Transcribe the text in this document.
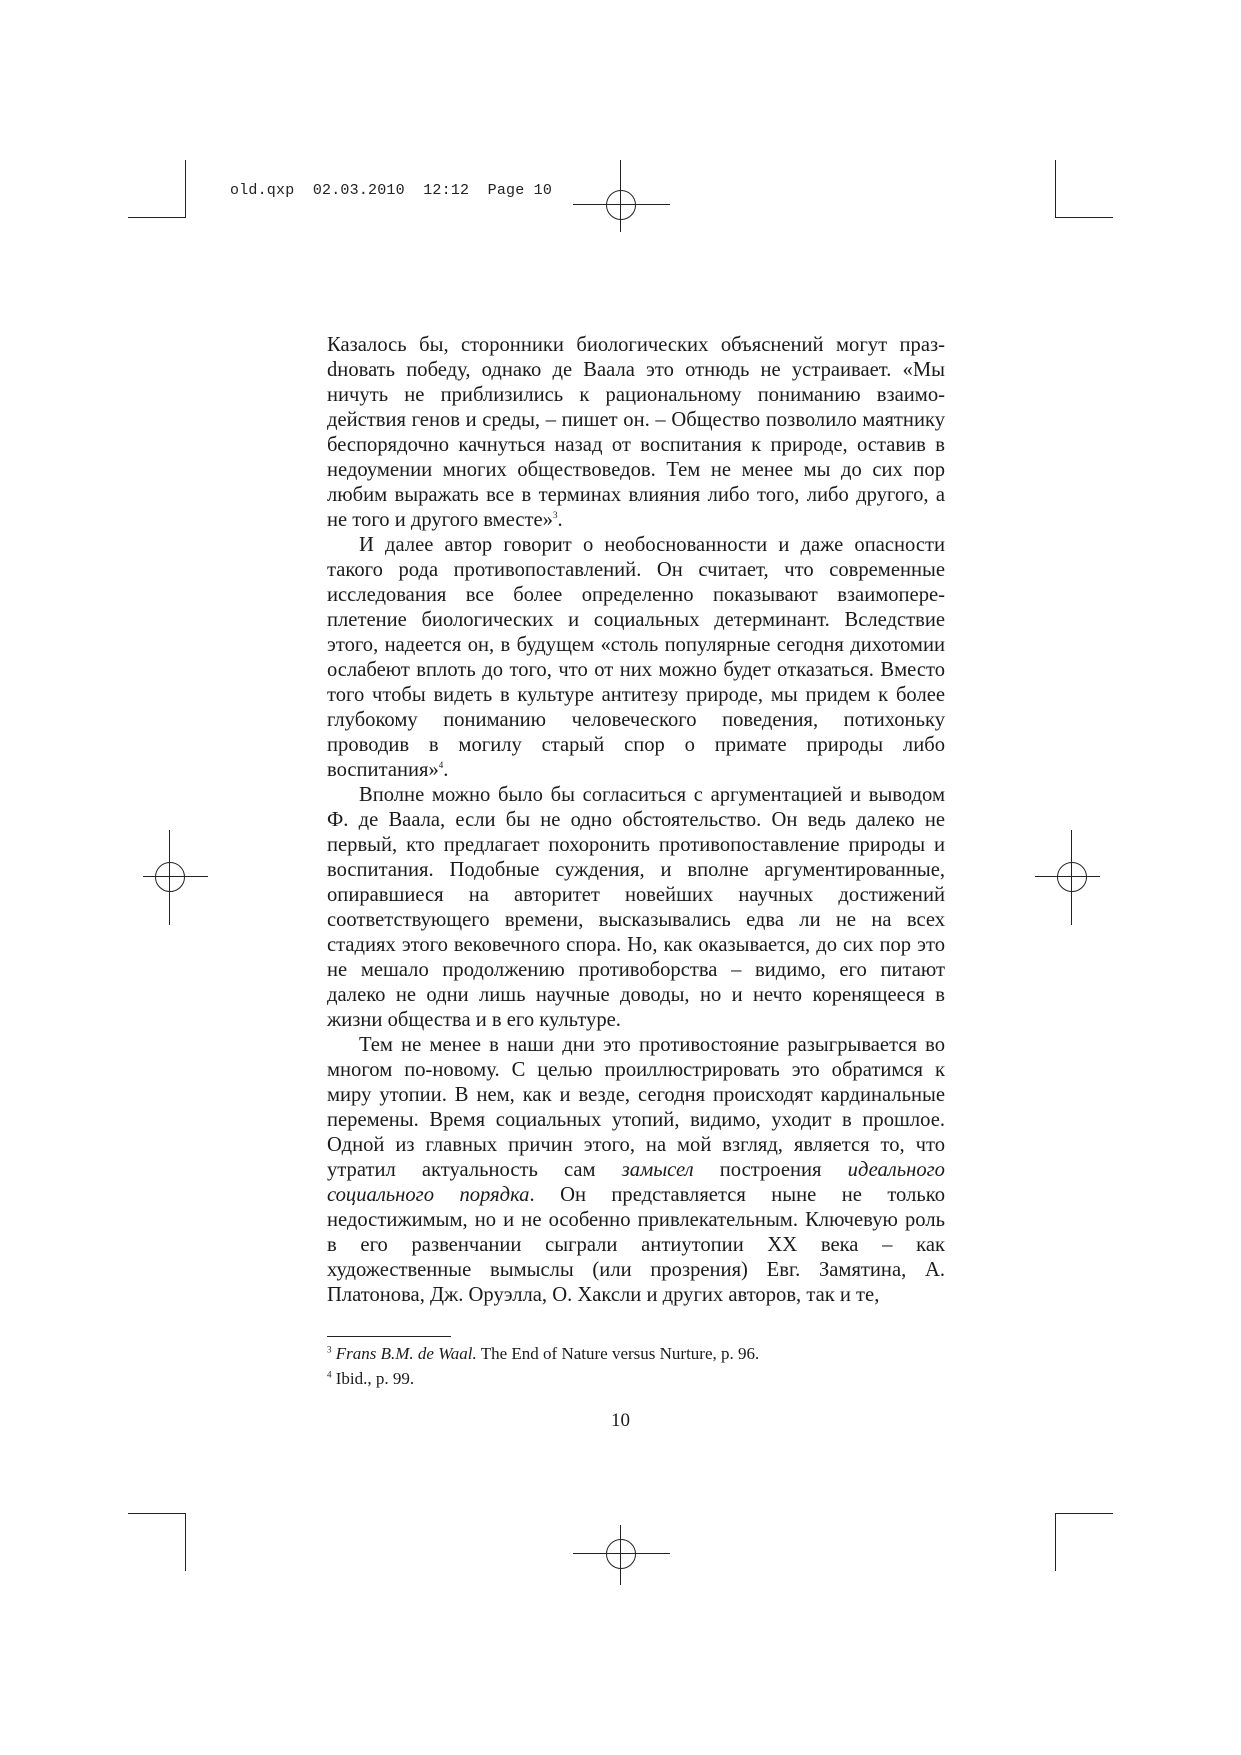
old.qxp  02.03.2010  12:12  Page 10

Казалось бы, сторонники биологических объяснений могут празdновать победу, однако де Ваала это отнюдь не устраивает. «Мы ничуть не приблизились к рациональному пониманию взаимодействия генов и среды, – пишет он. – Общество позволило маятнику беспорядочно качнуться назад от воспитания к природе, оставив в недоумении многих обществоведов. Тем не менее мы до сих пор любим выражать все в терминах влияния либо того, либо другого, а не того и другого вместе»$^3$.

И далее автор говорит о необоснованности и даже опасности такого рода противопоставлений. Он считает, что современные исследования все более определенно показывают взаимопереплетение биологических и социальных детерминант. Вследствие этого, надеется он, в будущем «столь популярные сегодня дихотомии ослабеют вплоть до того, что от них можно будет отказаться. Вместо того чтобы видеть в культуре антитезу природе, мы придем к более глубокому пониманию человеческого поведения, потихоньку проводив в могилу старый спор о примате природы либо воспитания»$^4$.

Вполне можно было бы согласиться с аргументацией и выводом Ф. де Ваала, если бы не одно обстоятельство. Он ведь далеко не первый, кто предлагает похоронить противопоставление природы и воспитания. Подобные суждения, и вполне аргументированные, опиравшиеся на авторитет новейших научных достижений соответствующего времени, высказывались едва ли не на всех стадиях этого вековечного спора. Но, как оказывается, до сих пор это не мешало продолжению противоборства – видимо, его питают далеко не одни лишь научные доводы, но и нечто коренящееся в жизни общества и в его культуре.

Тем не менее в наши дни это противостояние разыгрывается во многом по-новому. С целью проиллюстрировать это обратимся к миру утопии. В нем, как и везде, сегодня происходят кардинальные перемены. Время социальных утопий, видимо, уходит в прошлое. Одной из главных причин этого, на мой взгляд, является то, что утратил актуальность сам замысел построения идеального социального порядка. Он представляется ныне не только недостижимым, но и не особенно привлекательным. Ключевую роль в его развенчании сыграли антиутопии XX века – как художественные вымыслы (или прозрения) Евг. Замятина, А. Платонова, Дж. Оруэлла, О. Хаксли и других авторов, так и те,

$^3$ Frans B.M. de Waal. The End of Nature versus Nurture, p. 96.
$^4$ Ibid., p. 99.
10
